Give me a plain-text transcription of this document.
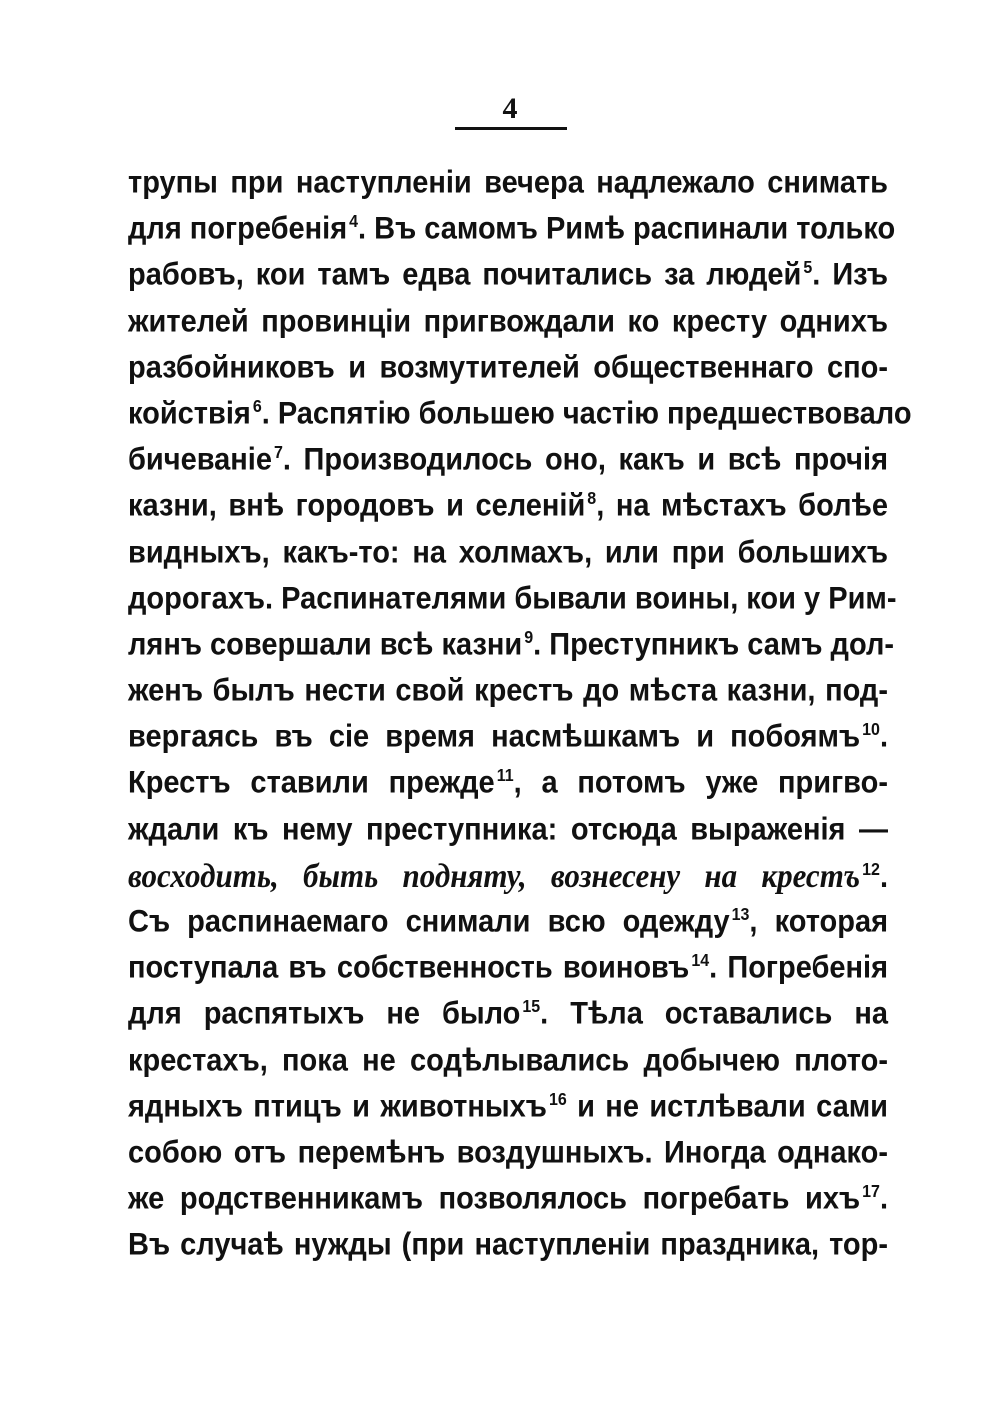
4
трупы при наступленіи вечера надлежало снимать
для погребенія $^4$. Въ самомъ Римѣ распинали только
рабовъ, кои тамъ едва почитались за людей $^5$. Изъ
жителей провинціи пригвождали ко кресту однихъ
разбойниковъ и возмутителей общественнаго спо-
койствія $^6$. Распятію большею частію предшествовало
бичеваніе $^7$. Производилось оно, какъ и всѣ прочія
казни, внѣ городовъ и селеній $^8$, на мѣстахъ болѣе
видныхъ, какъ-то: на холмахъ, или при большихъ
дорогахъ. Распинателями бывали воины, кои у Рим-
лянъ совершали всѣ казни $^9$. Преступникъ самъ дол-
женъ былъ нести свой крестъ до мѣста казни, под-
вергаясь въ сіе время насмѣшкамъ и побоямъ $^{10}$.
Крестъ ставили прежде $^{11}$, а потомъ уже пригво-
ждали къ нему преступника: отсюда выраженія —
восходить, быть подняту, вознесену на крестъ $^{12}$.
Съ распинаемаго снимали всю одежду $^{13}$, которая
поступала въ собственность воиновъ $^{14}$. Погребенія
для распятыхъ не было $^{15}$. Тѣла оставались на
крестахъ, пока не содѣлывались добычею плото-
ядныхъ птицъ и животныхъ $^{16}$ и не истлѣвали сами
собою отъ перемѣнъ воздушныхъ. Иногда однако-
же родственникамъ позволялось погребать ихъ $^{17}$.
Въ случаѣ нужды (при наступленіи праздника, тор-
